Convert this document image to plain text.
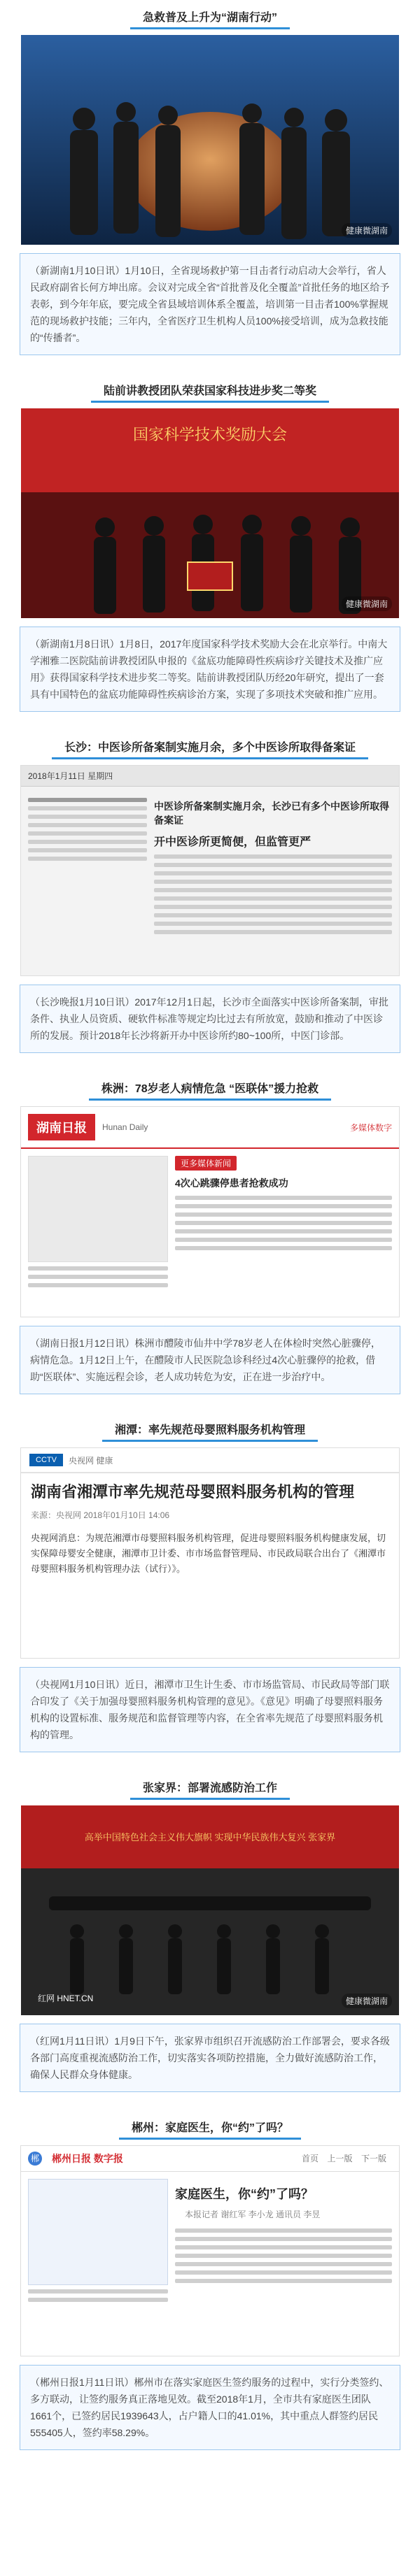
急救普及上升为“湖南行动”
健康微湖南

（新湖南1月10日讯）1月10日，全省现场救护第一目击者行动启动大会举行，省人民政府副省长何方坤出席。会议对完成全省“首批普及化全覆盖”首批任务的地区给予表彰，到今年年底，要完成全省县域培训体系全覆盖，培训第一目击者100%掌握规范的现场救护技能；三年内，全省医疗卫生机构人员100%接受培训，成为急救技能的“传播者”。

陆前讲教授团队荣获国家科技进步奖二等奖
国家科学技术奖励大会
健康微湖南

（新湖南1月8日讯）1月8日，2017年度国家科学技术奖励大会在北京举行。中南大学湘雅二医院陆前讲教授团队申报的《盆底功能障碍性疾病诊疗关键技术及推广应用》获得国家科学技术进步奖二等奖。陆前讲教授团队历经20年研究，提出了一套具有中国特色的盆底功能障碍性疾病诊治方案，实现了多项技术突破和推广应用。

长沙：中医诊所备案制实施月余，多个中医诊所取得备案证
2018年1月11日 星期四
中医诊所备案制实施月余，长沙已有多个中医诊所取得备案证
开中医诊所更简便，但监管更严

（长沙晚报1月10日讯）2017年12月1日起，长沙市全面落实中医诊所备案制，审批条件、执业人员资质、硬软件标准等规定均比过去有所放宽，鼓励和推动了中医诊所的发展。预计2018年长沙将新开办中医诊所约80~100所，中医门诊部。

株洲：78岁老人病情危急 “医联体”援力抢救
湖南日报	Hunan Daily	多媒体数字
更多媒体新闻
4次心跳骤停患者抢救成功

（湖南日报1月12日讯）株洲市醴陵市仙井中学78岁老人在体检时突然心脏骤停，病情危急。1月12日上午，在醴陵市人民医院急诊科经过4次心脏骤停的抢救，借助“医联体”、实施远程会诊，老人成功转危为安，正在进一步治疗中。

湘潭：率先规范母婴照料服务机构管理
CCTV	央视网 健康
湖南省湘潭市率先规范母婴照料服务机构的管理
来源：央视网 2018年01月10日 14:06
央视网消息：为规范湘潭市母婴照料服务机构管理，促进母婴照料服务机构健康发展，切实保障母婴安全健康，湘潭市卫计委、市市场监督管理局、市民政局联合出台了《湘潭市母婴照料服务机构管理办法（试行）》。

（央视网1月10日讯）近日，湘潭市卫生计生委、市市场监管局、市民政局等部门联合印发了《关于加强母婴照料服务机构管理的意见》。《意见》明确了母婴照料服务机构的设置标准、服务规范和监督管理等内容，在全省率先规范了母婴照料服务机构的管理。

张家界：部署流感防治工作
高举中国特色社会主义伟大旗帜 实现中华民族伟大复兴 张家界
红网 HNET.CN	健康微湖南

（红网1月11日讯）1月9日下午，张家界市组织召开流感防治工作部署会，要求各级各部门高度重视流感防治工作，切实落实各项防控措施，全力做好流感防治工作，确保人民群众身体健康。

郴州：家庭医生，你“约”了吗？
郴 郴州日报 数字报	首页 上一版 下一版
家庭医生，你“约”了吗？
本报记者 谢红军 李小龙 通讯员 李昱

（郴州日报1月11日讯）郴州市在落实家庭医生签约服务的过程中，实行分类签约、多方联动，让签约服务真正落地见效。截至2018年1月，全市共有家庭医生团队1661个，已签约居民1939643人，占户籍人口的41.01%，其中重点人群签约居民555405人，签约率58.29%。
